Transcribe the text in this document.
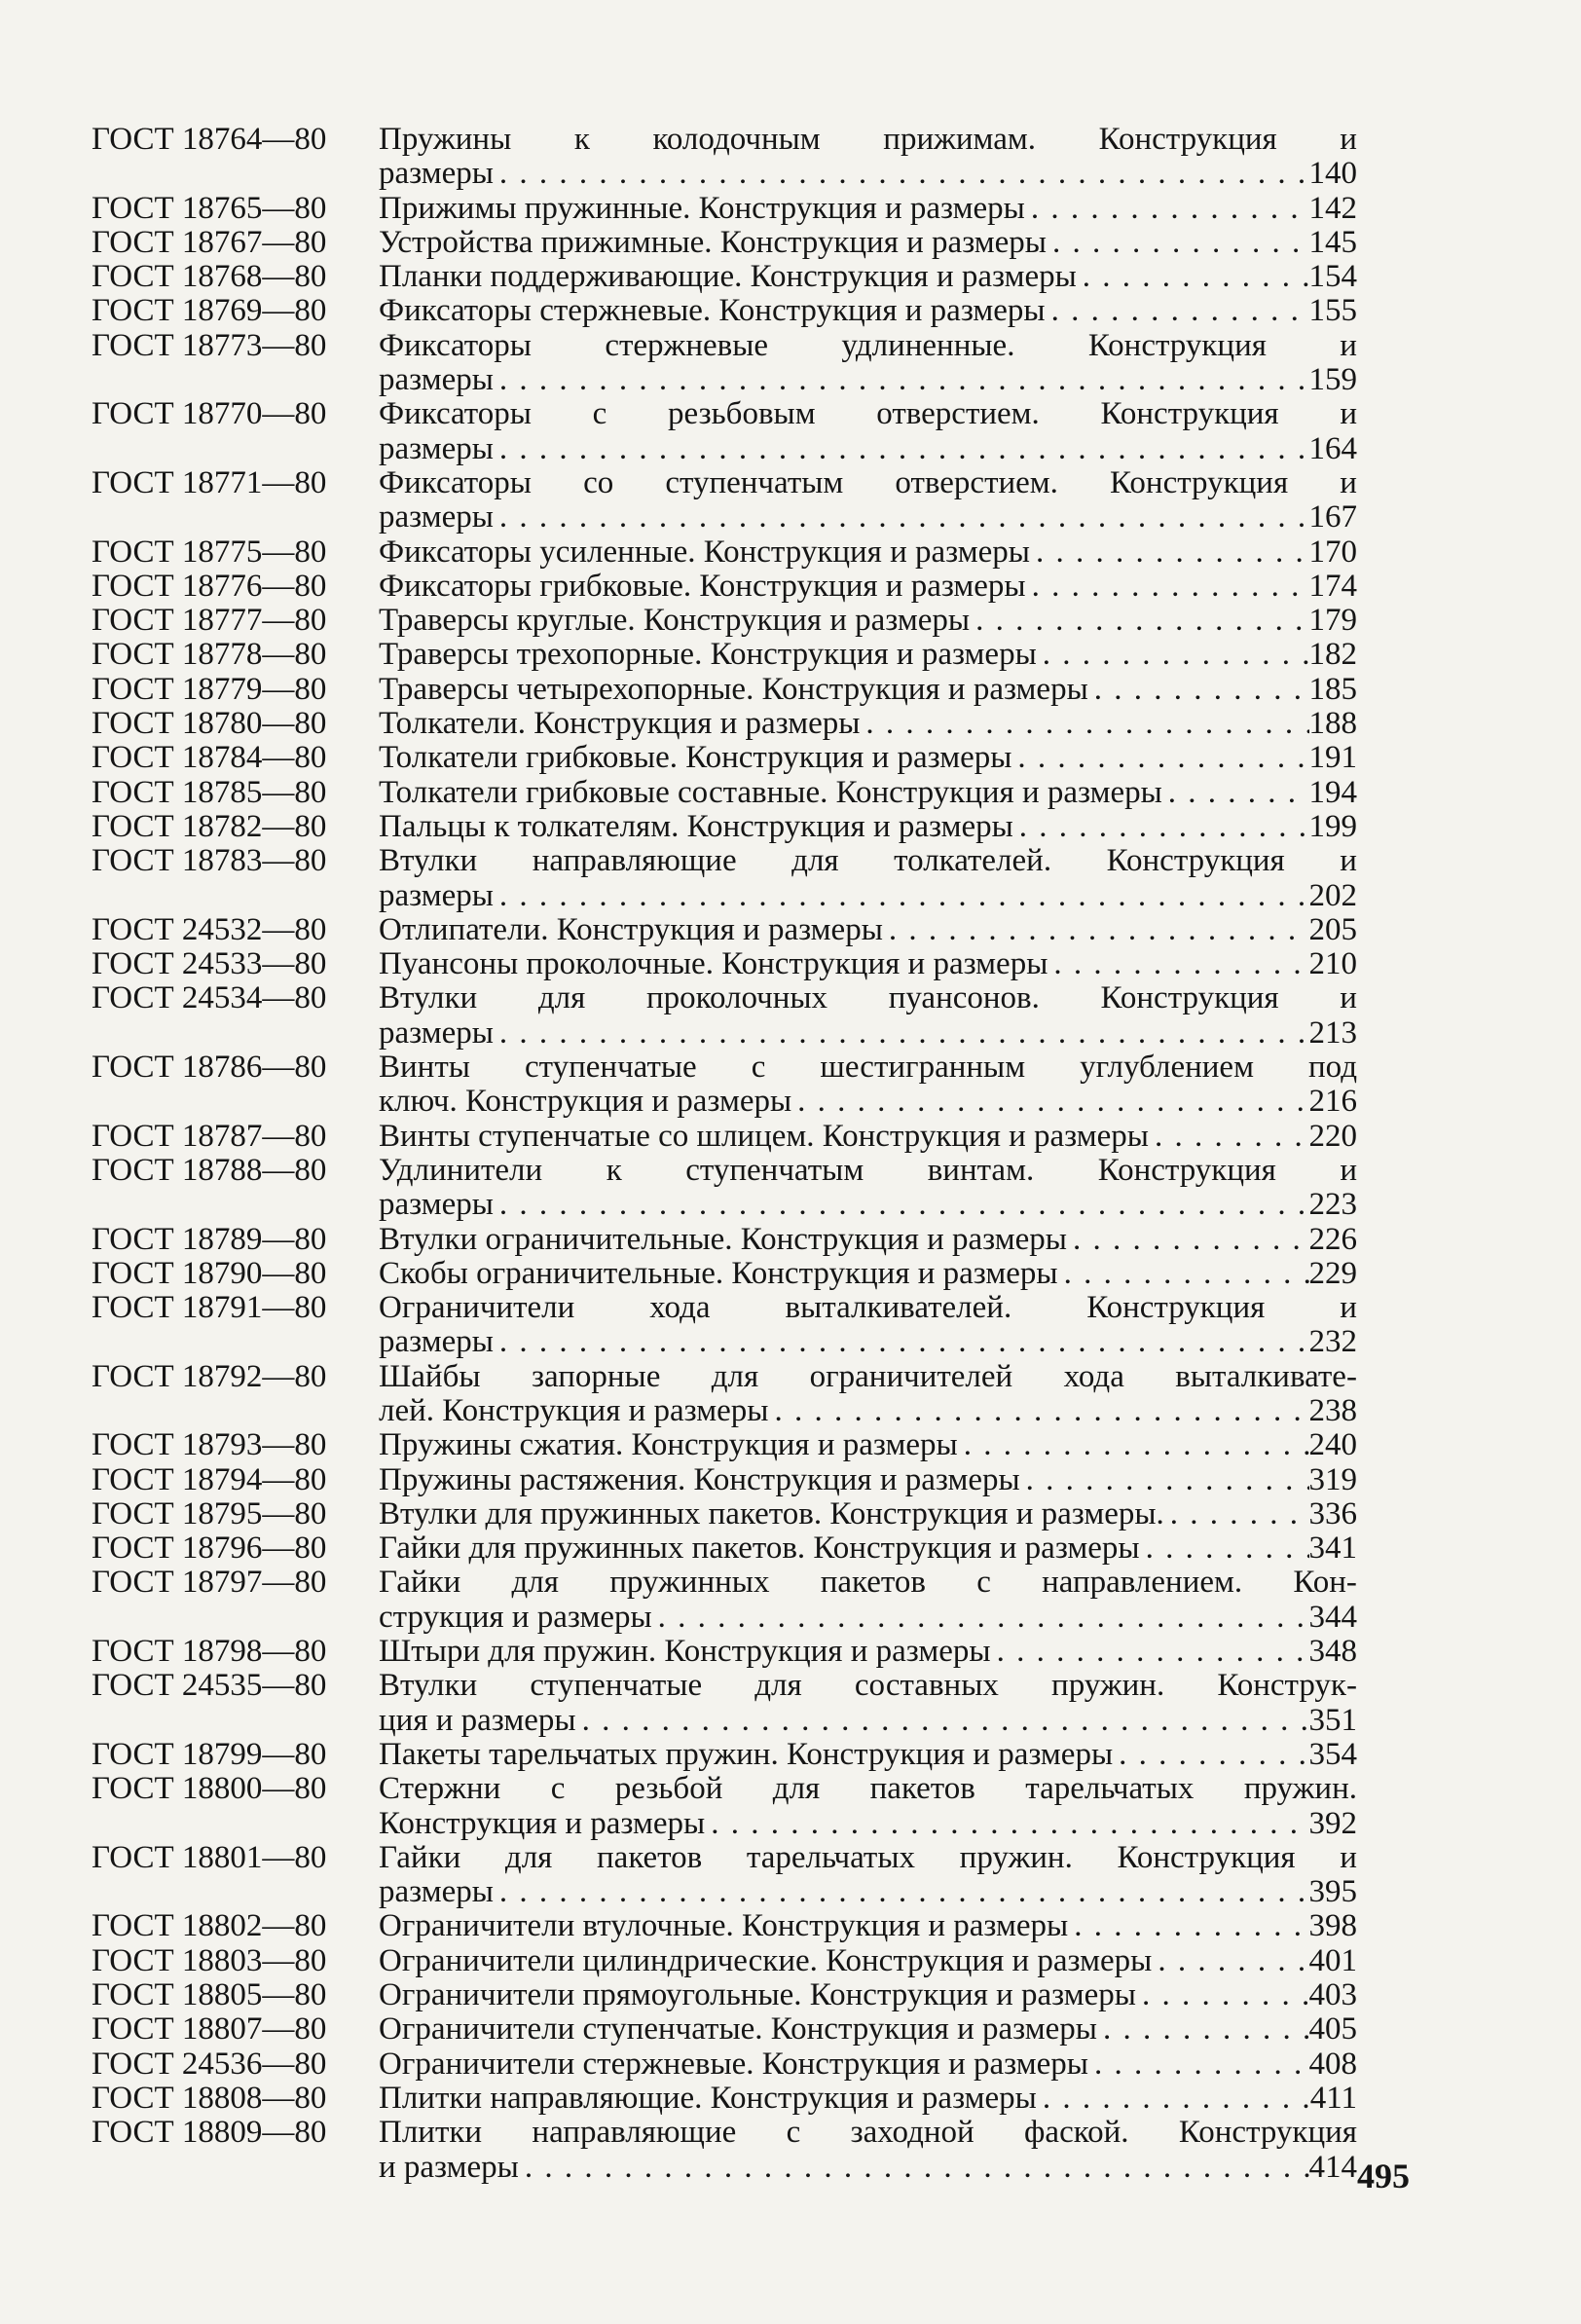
ГОСТ 18764—80	Пружины к колодочным прижимам. Конструкция и
размеры . . .	140
ГОСТ 18765—80	Прижимы пружинные. Конструкция и размеры . . .	142
ГОСТ 18767—80	Устройства прижимные. Конструкция и размеры . . .	145
ГОСТ 18768—80	Планки поддерживающие. Конструкция и размеры . . .	154
ГОСТ 18769—80	Фиксаторы стержневые. Конструкция и размеры . . .	155
ГОСТ 18773—80	Фиксаторы стержневые удлиненные. Конструкция и
размеры . . .	159
ГОСТ 18770—80	Фиксаторы с резьбовым отверстием. Конструкция и
размеры . . .	164
ГОСТ 18771—80	Фиксаторы со ступенчатым отверстием. Конструкция и
размеры . . .	167
ГОСТ 18775—80	Фиксаторы усиленные. Конструкция и размеры . . .	170
ГОСТ 18776—80	Фиксаторы грибковые. Конструкция и размеры . . .	174
ГОСТ 18777—80	Траверсы круглые. Конструкция и размеры . . .	179
ГОСТ 18778—80	Траверсы трехопорные. Конструкция и размеры . . .	182
ГОСТ 18779—80	Траверсы четырехопорные. Конструкция и размеры . . .	185
ГОСТ 18780—80	Толкатели. Конструкция и размеры . . .	188
ГОСТ 18784—80	Толкатели грибковые. Конструкция и размеры . . .	191
ГОСТ 18785—80	Толкатели грибковые составные. Конструкция и размеры . . .	194
ГОСТ 18782—80	Пальцы к толкателям. Конструкция и размеры . . .	199
ГОСТ 18783—80	Втулки направляющие для толкателей. Конструкция и
размеры . . .	202
ГОСТ 24532—80	Отлипатели. Конструкция и размеры . . .	205
ГОСТ 24533—80	Пуансоны проколочные. Конструкция и размеры . . .	210
ГОСТ 24534—80	Втулки для проколочных пуансонов. Конструкция и
размеры . . .	213
ГОСТ 18786—80	Винты ступенчатые с шестигранным углублением под
ключ. Конструкция и размеры . . .	216
ГОСТ 18787—80	Винты ступенчатые со шлицем. Конструкция и размеры . . .	220
ГОСТ 18788—80	Удлинители к ступенчатым винтам. Конструкция и
размеры . . .	223
ГОСТ 18789—80	Втулки ограничительные. Конструкция и размеры . . .	226
ГОСТ 18790—80	Скобы ограничительные. Конструкция и размеры . . .	229
ГОСТ 18791—80	Ограничители хода выталкивателей. Конструкция и
размеры . . .	232
ГОСТ 18792—80	Шайбы запорные для ограничителей хода выталкивате-
лей. Конструкция и размеры . . .	238
ГОСТ 18793—80	Пружины сжатия. Конструкция и размеры . . .	240
ГОСТ 18794—80	Пружины растяжения. Конструкция и размеры . . .	319
ГОСТ 18795—80	Втулки для пружинных пакетов. Конструкция и размеры. . . .	336
ГОСТ 18796—80	Гайки для пружинных пакетов. Конструкция и размеры . . .	341
ГОСТ 18797—80	Гайки для пружинных пакетов с направлением. Кон-
струкция и размеры . . .	344
ГОСТ 18798—80	Штыри для пружин. Конструкция и размеры . . .	348
ГОСТ 24535—80	Втулки ступенчатые для составных пружин. Конструк-
ция и размеры . . .	351
ГОСТ 18799—80	Пакеты тарельчатых пружин. Конструкция и размеры . . .	354
ГОСТ 18800—80	Стержни с резьбой для пакетов тарельчатых пружин.
Конструкция и размеры . . .	392
ГОСТ 18801—80	Гайки для пакетов тарельчатых пружин. Конструкция и
размеры . . .	395
ГОСТ 18802—80	Ограничители втулочные. Конструкция и размеры . . .	398
ГОСТ 18803—80	Ограничители цилиндрические. Конструкция и размеры . . .	401
ГОСТ 18805—80	Ограничители прямоугольные. Конструкция и размеры . . .	403
ГОСТ 18807—80	Ограничители ступенчатые. Конструкция и размеры . . .	405
ГОСТ 24536—80	Ограничители стержневые. Конструкция и размеры . . .	408
ГОСТ 18808—80	Плитки направляющие. Конструкция и размеры . . .	411
ГОСТ 18809—80	Плитки направляющие с заходной фаской. Конструкция
и размеры . . .	414 495
